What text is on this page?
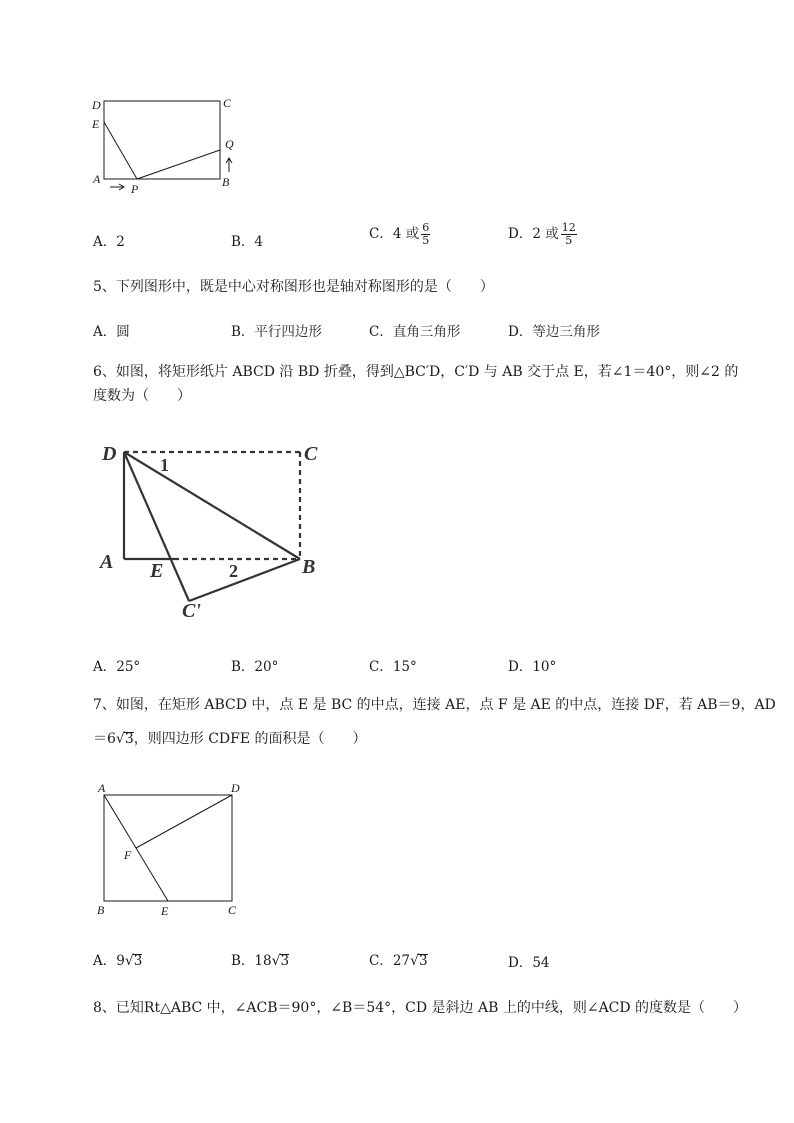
D	C
E
Q
A	B
P
A．2	B．4	C．4 或 $\frac{6}{5}$	D．2 或 $\frac{12}{5}$
5、下列图形中，既是中心对称图形也是轴对称图形的是（　　）
A．圆	B．平行四边形	C．直角三角形	D．等边三角形
6、如图，将矩形纸片 ABCD 沿 BD 折叠，得到△BC′D，C′D 与 AB 交于点 E，若∠1＝40°，则∠2 的
度数为（　　）
D	C
A E	B
C'
1
2
A．25°	B．20°	C．15°	D．10°
7、如图，在矩形 ABCD 中，点 E 是 BC 的中点，连接 AE，点 F 是 AE 的中点，连接 DF，若 AB＝9，AD
＝6√3，则四边形 CDFE 的面积是（　　）
A	D
F
B	E	C
A．9√3	B．18√3	C．27√3	D．54
8、已知Rt△ABC 中，∠ACB＝90°，∠B＝54°，CD 是斜边 AB 上的中线，则∠ACD 的度数是（　　）
